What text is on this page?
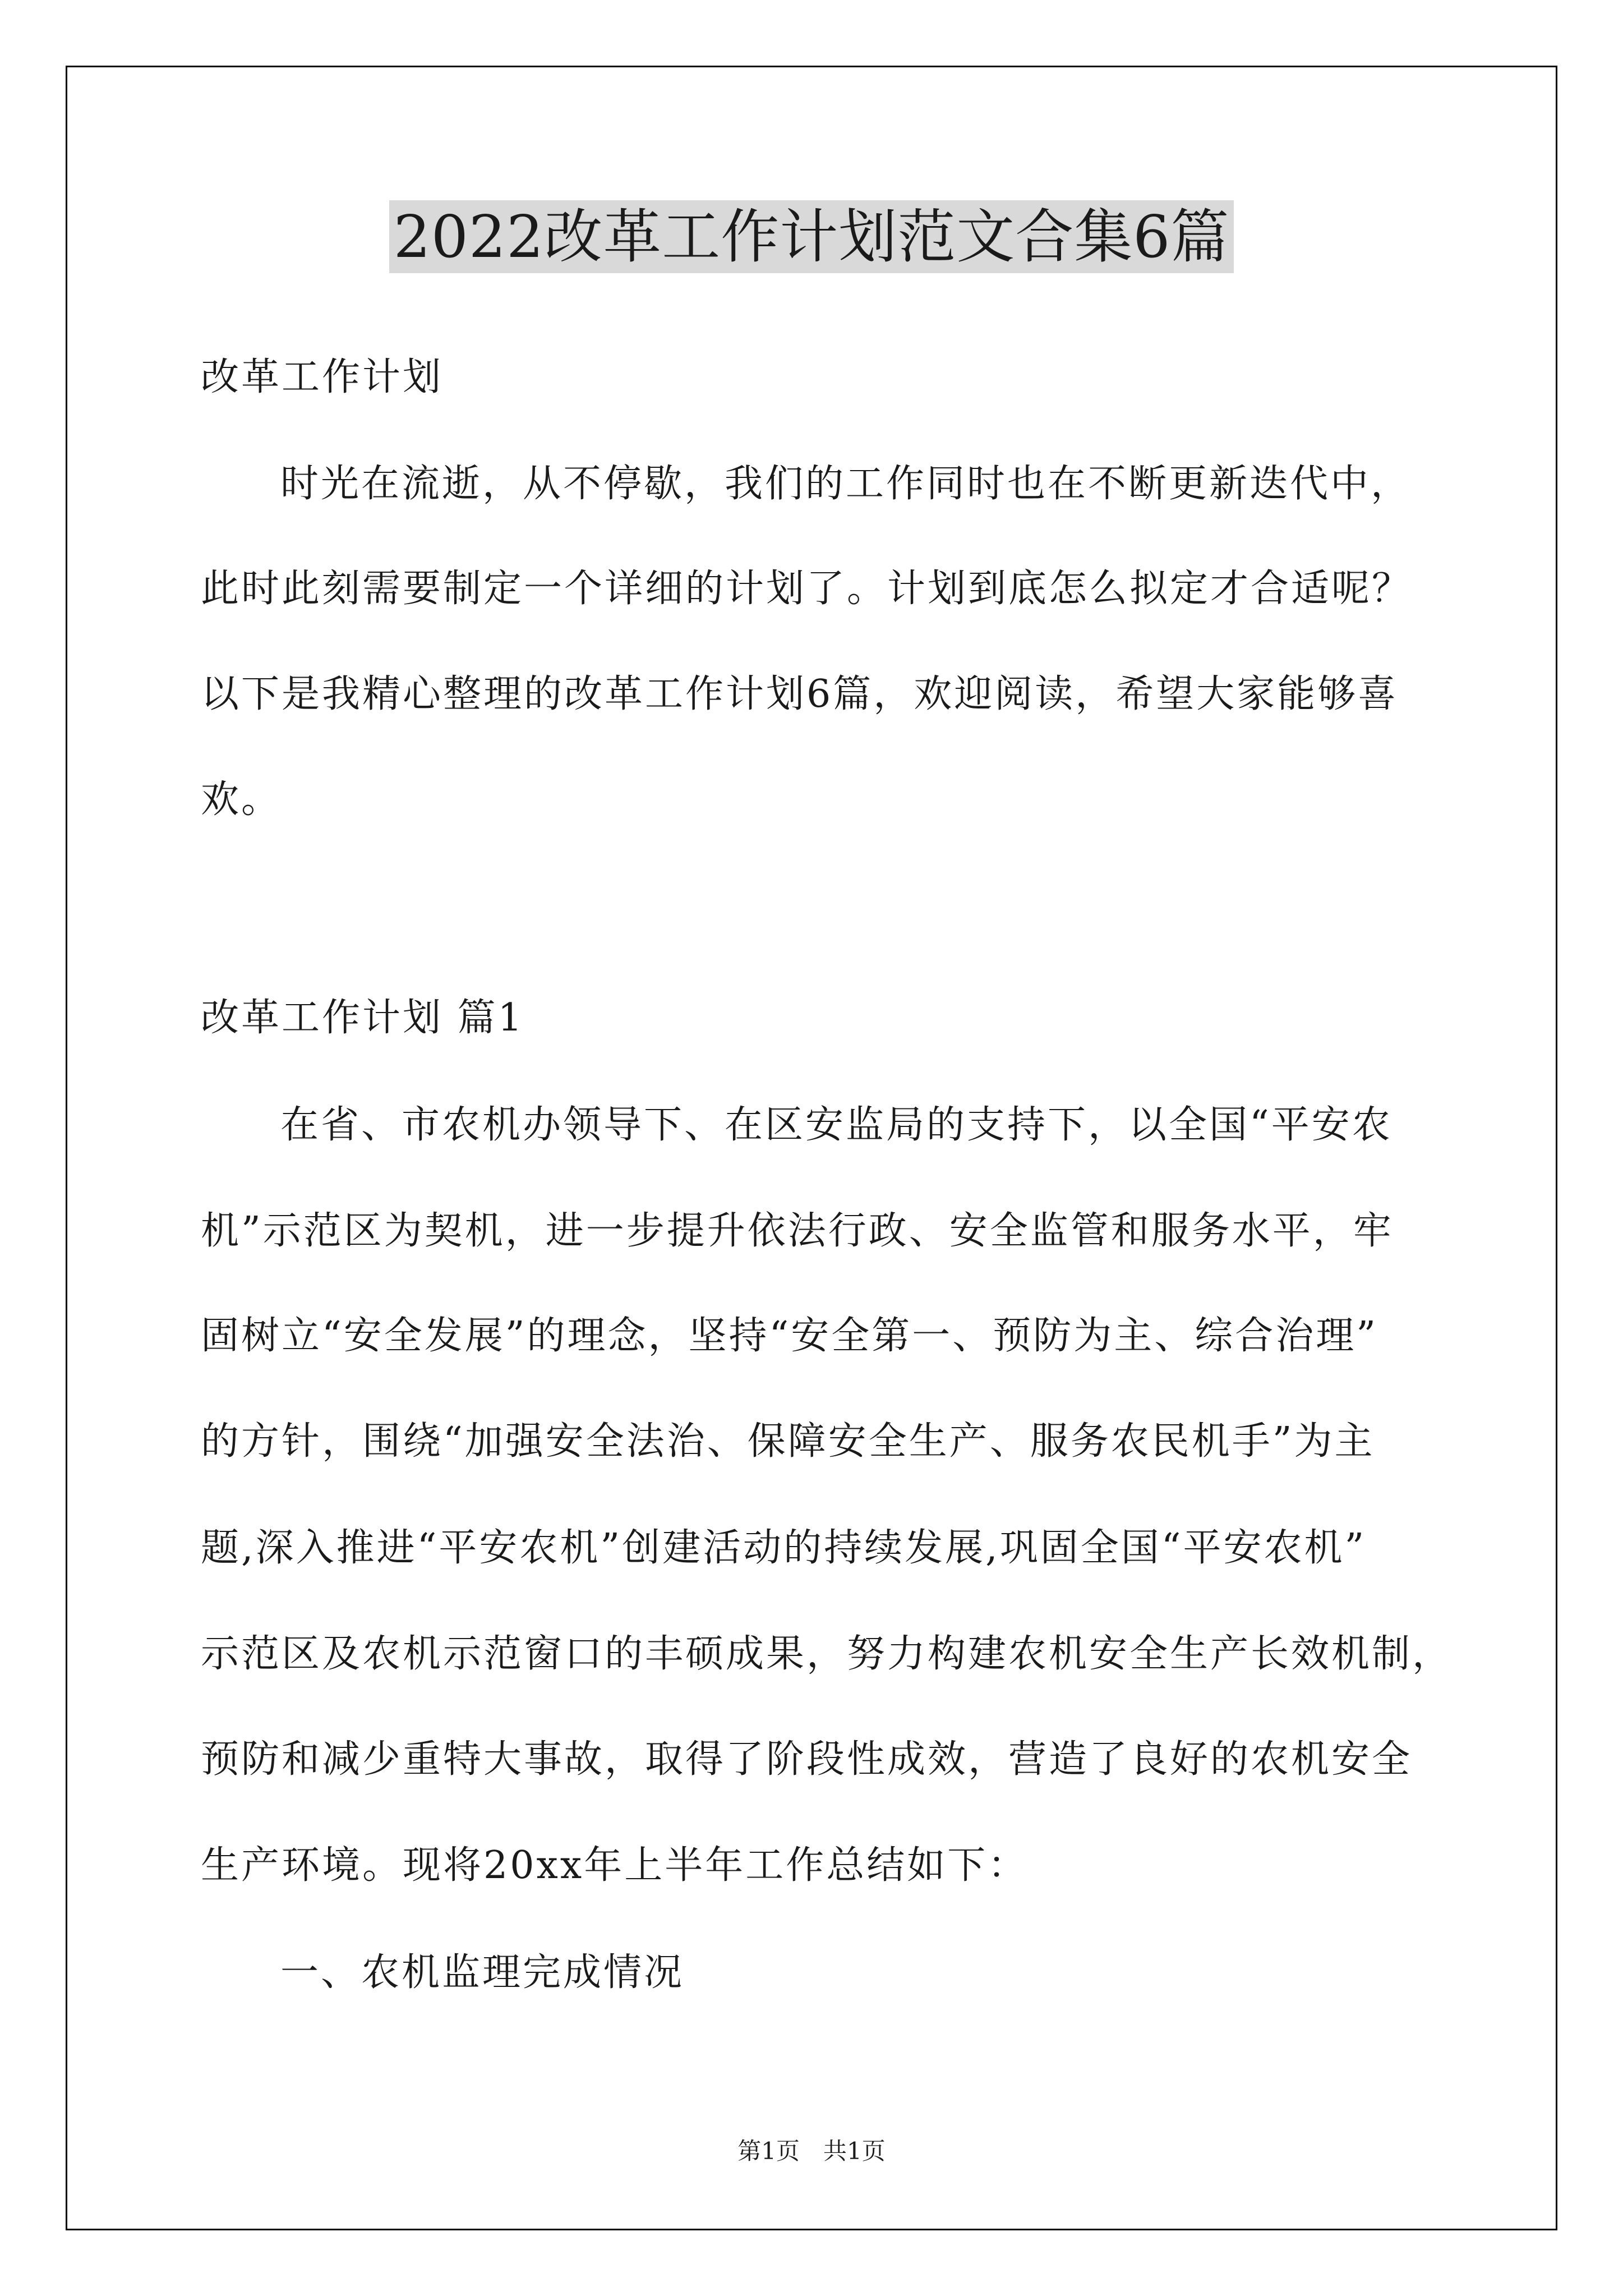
2022改革工作计划范文合集6篇
改革工作计划
时光在流逝，从不停歇，我们的工作同时也在不断更新迭代中，
此时此刻需要制定一个详细的计划了。计划到底怎么拟定才合适呢？
以下是我精心整理的改革工作计划6篇，欢迎阅读，希望大家能够喜
欢。
改革工作计划 篇1
在省、市农机办领导下、在区安监局的支持下，以全国“平安农
机”示范区为契机，进一步提升依法行政、安全监管和服务水平，牢
固树立“安全发展”的理念，坚持“安全第一、预防为主、综合治理”
的方针，围绕“加强安全法治、保障安全生产、服务农民机手”为主
题,深入推进“平安农机”创建活动的持续发展,巩固全国“平安农机”
示范区及农机示范窗口的丰硕成果，努力构建农机安全生产长效机制，
预防和减少重特大事故，取得了阶段性成效，营造了良好的农机安全
生产环境。现将20xx年上半年工作总结如下：
一、农机监理完成情况
第1页　共1页
